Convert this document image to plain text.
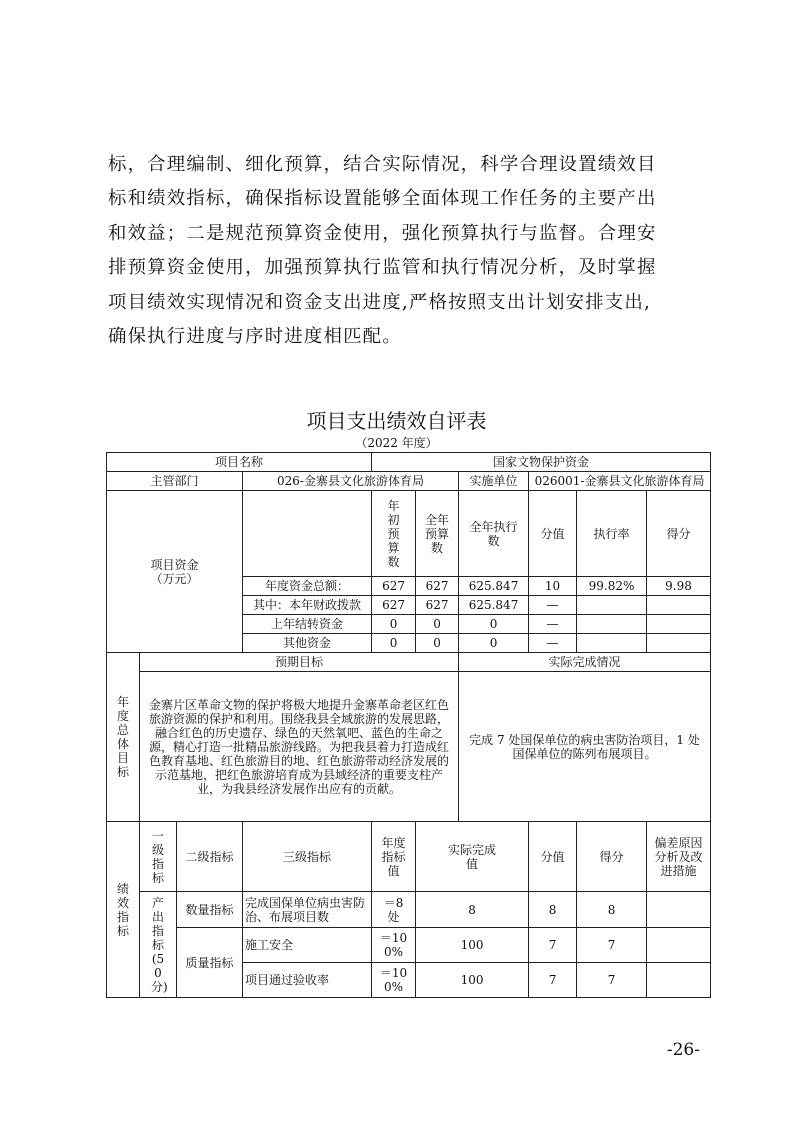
标，合理编制、细化预算，结合实际情况，科学合理设置绩效目
标和绩效指标，确保指标设置能够全面体现工作任务的主要产出
和效益；二是规范预算资金使用，强化预算执行与监督。合理安
排预算资金使用，加强预算执行监管和执行情况分析，及时掌握
项目绩效实现情况和资金支出进度,严格按照支出计划安排支出,
确保执行进度与序时进度相匹配。
项目支出绩效自评表
（2022 年度）
项目名称				国家文物保护资金					
主管部门			026-金寨县文化旅游体育局			实施单位	026001-金寨县文化旅游体育局		

项目资金
（万元）				年初预算数	全年预算数	全年执行数	分值	执行率	得分
			年度资金总额：	627	627	625.847	10	99.82%	9.98
			其中：本年财政拨款	627	627	625.847	—		
			上年结转资金	0	0	0	—		
			其他资金	0	0	0	—		

年度总体目标	预期目标					实际完成情况			
	金寨片区革命文物的保护将极大地提升金寨革命老区红色旅游资源的保护和利用。围绕我县全域旅游的发展思路，融合红色的历史遗存、绿色的天然氧吧、蓝色的生命之源，精心打造一批精品旅游线路。为把我县着力打造成红色教育基地、红色旅游目的地、红色旅游带动经济发展的示范基地，把红色旅游培育成为县域经济的重要支柱产业，为我县经济发展作出应有的贡献。					完成 7 处国保单位的病虫害防治项目，1 处国保单位的陈列布展项目。			

绩效指标	一级指标	二级指标	三级指标	年度指标值	实际完成值		分值	得分	偏差原因分析及改进措施

	产出指标(50分)	数量指标	完成国保单位病虫害防治、布展项目数	＝8处	8		8	8	
		质量指标	施工安全	＝100%	100		7	7	
			项目通过验收率	＝100%	100		7	7	
-26-
